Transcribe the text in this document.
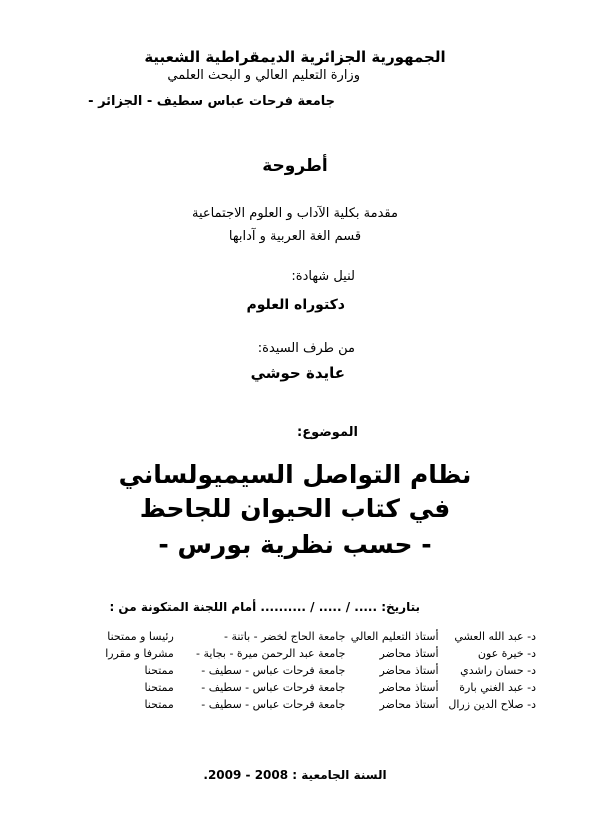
الجمهورية الجزائرية الديمقراطية الشعبية
وزارة التعليم العالي و البحث العلمي
جامعة فرحات عباس سطيف - الجزائر -
أطروحة
مقدمة بكلية الآداب و العلوم الاجتماعية
قسم الغة العربية و آدابها
لنيل شهادة:
دكتوراه العلوم
من طرف السيدة:
عايدة حوشي
الموضوع:
نظام التواصل السيميولساني
في كتاب الحيوان للجاحظ
- حسب نظرية بورس -
بتاريخ: ..... / ..... / .......... أمام اللجنة المتكونة من :
د- عبد الله العشي	أستاذ التعليم العالي	جامعة الحاج لخضر - باتنة -	رئيسا و ممتحنا
د- خيرة عون	أستاذ محاضر	جامعة عبد الرحمن ميرة - بجاية -	مشرفا و مقررا
د- حسان راشدي	أستاذ محاضر	جامعة فرحات عباس - سطيف -	ممتحنا
د- عبد الغني بارة	أستاذ محاضر	جامعة فرحات عباس - سطيف -	ممتحنا
د- صلاح الدين زرال	أستاذ محاضر	جامعة فرحات عباس - سطيف -	ممتحنا
السنة الجامعية : 2008 - 2009.
